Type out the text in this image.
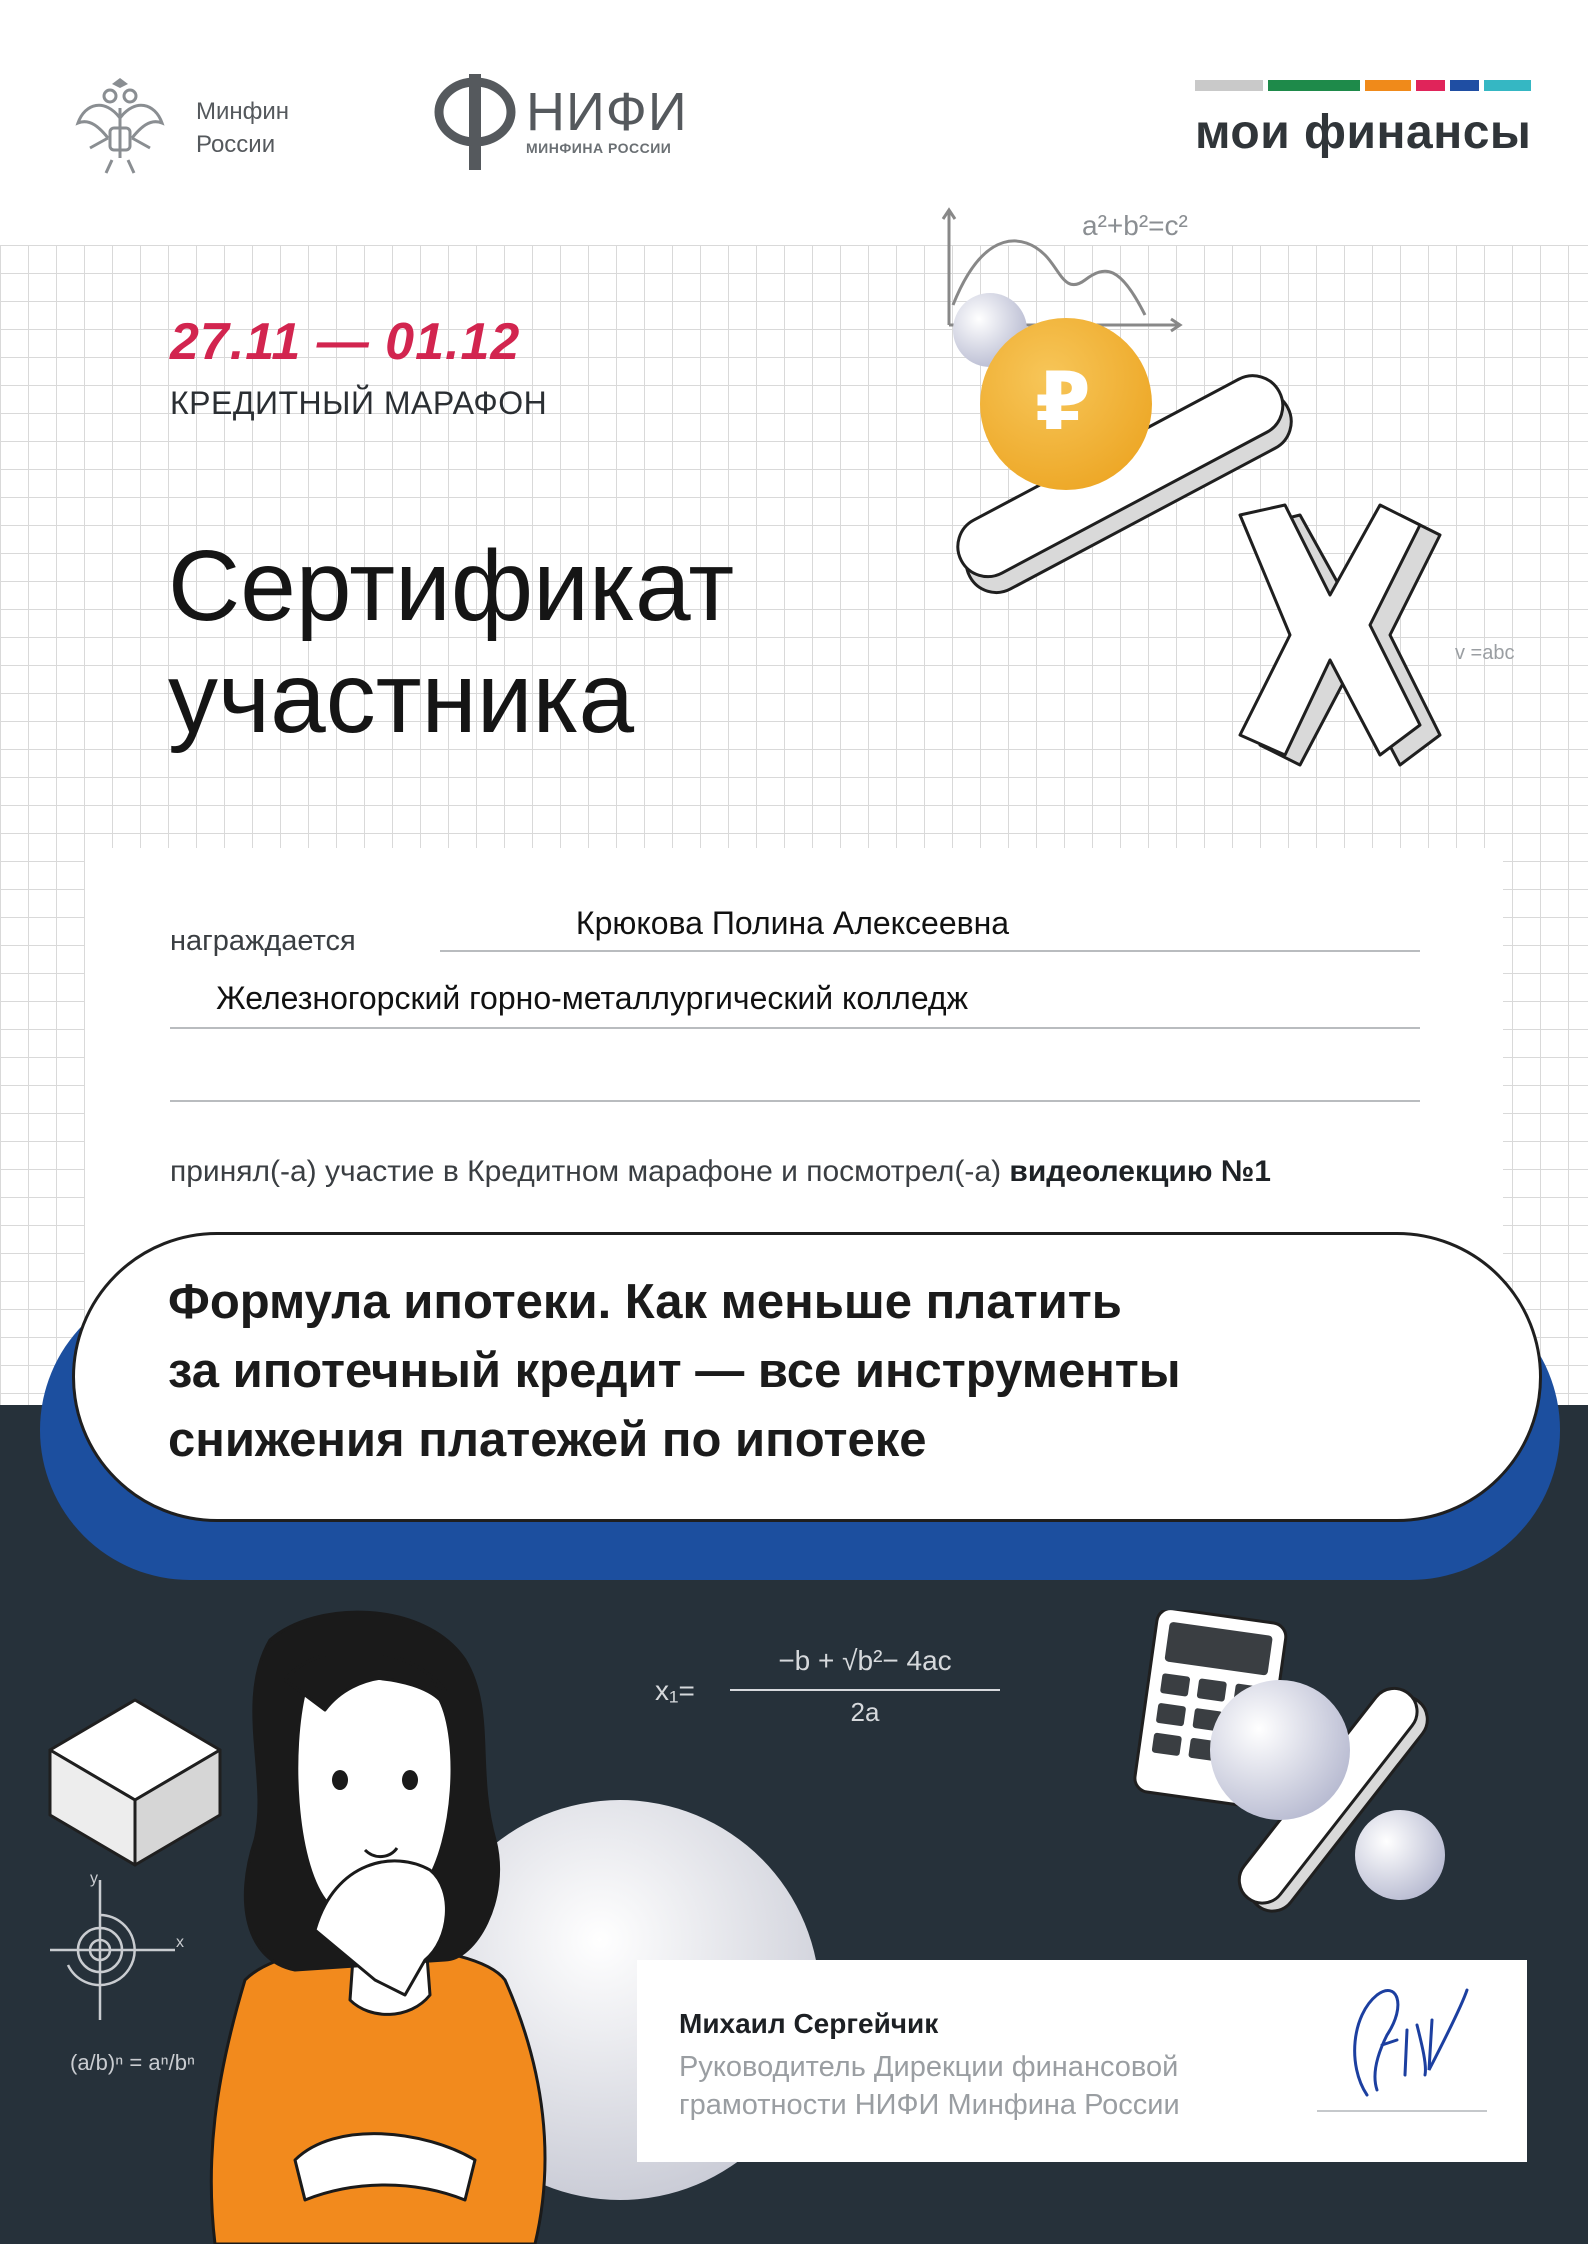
Минфин
России
НИФИ
МИНФИНА РОССИИ	мои финансы
27.11 — 01.12
КРЕДИТНЫЙ МАРАФОН
Сертификат
участника
a²+b²=c²
₽
v =abc
награждается	Крюкова Полина Алексеевна
Железногорский горно-металлургический колледж
принял(-а) участие в Кредитном марафоне и посмотрел(-а) видеолекцию №1
Формула ипотеки. Как меньше платить
за ипотечный кредит — все инструменты
снижения платежей по ипотеке
y
x
(a/b)ⁿ = aⁿ/bⁿ
x₁=
−b + √b²− 4ac
2a
Михаил Сергейчик
Руководитель Дирекции финансовой
грамотности НИФИ Минфина России
